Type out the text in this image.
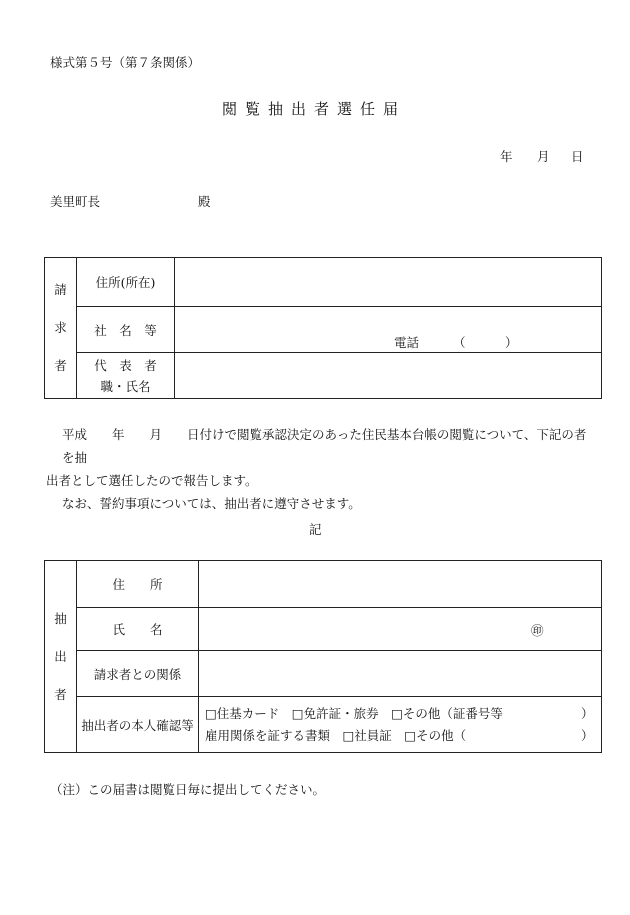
様式第５号（第７条関係）
閲覧抽出者選任届
年 月 日
美里町長	殿
請
求
者	住所(所在)	
	社　名　等	電話 （ ）

	代　表　者
職・氏名	

平成　　年　　月　　日付けで閲覧承認決定のあった住民基本台帳の閲覧について、下記の者を抽
出者として選任したので報告します。
なお、誓約事項については、抽出者に遵守させます。
記
抽
出
者	住　　所	
	氏　　名	㊞

	請求者との関係	
	抽出者の本人確認等	□住基カード　□免許証・旅券　□その他（証番号等 ）
雇用関係を証する書類　□社員証　□その他（ ）
（注）この届書は閲覧日毎に提出してください。
